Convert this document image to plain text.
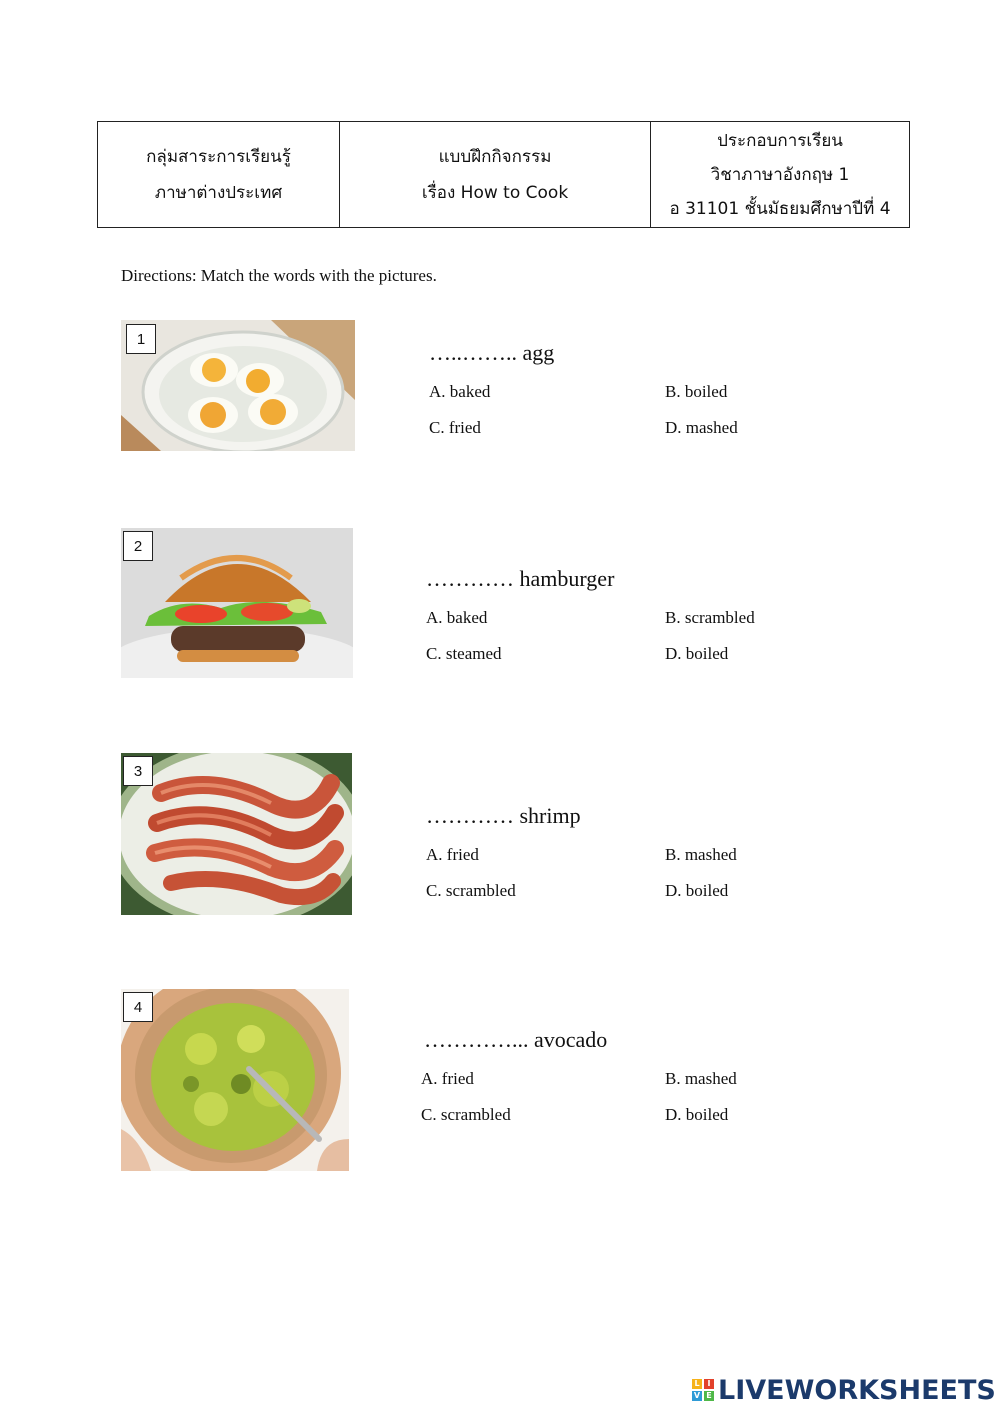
กลุ่มสาระการเรียนรู้
ภาษาต่างประเทศ

แบบฝึกกิจกรรม
เรื่อง How to Cook

ประกอบการเรียน
วิชาภาษาอังกฤษ 1
อ 31101 ชั้นมัธยมศึกษาปีที่ 4
Directions: Match the words with the pictures.
1
…..…….. agg
A. baked	B. boiled
C. fried	D. mashed
2
………… hamburger
A. baked	B. scrambled
C. steamed	D. boiled
3
………… shrimp
A. fried	B. mashed
C. scrambled	D. boiled
4
…………... avocado
A. fried	B. mashed
C. scrambled	D. boiled
L I
V E LIVEWORKSHEETS
